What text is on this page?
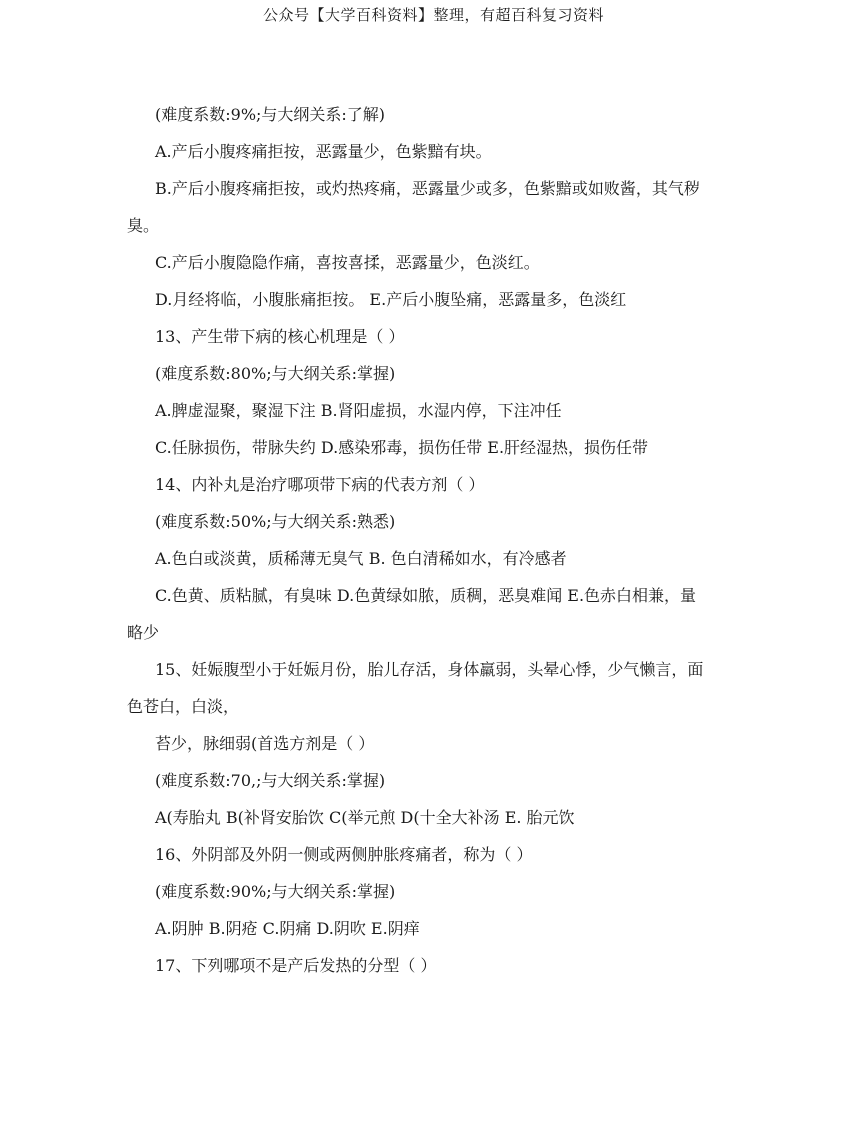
公众号【大学百科资料】整理，有超百科复习资料
(难度系数:9%;与大纲关系:了解)
A.产后小腹疼痛拒按，恶露量少，色紫黯有块。
B.产后小腹疼痛拒按，或灼热疼痛，恶露量少或多，色紫黯或如败酱，其气秽
臭。
C.产后小腹隐隐作痛，喜按喜揉，恶露量少，色淡红。
D.月经将临，小腹胀痛拒按。 E.产后小腹坠痛，恶露量多，色淡红
13、产生带下病的核心机理是（ ）
(难度系数:80%;与大纲关系:掌握)
A.脾虚湿聚，聚湿下注 B.肾阳虚损，水湿内停，下注冲任
C.任脉损伤，带脉失约 D.感染邪毒，损伤任带 E.肝经湿热，损伤任带
14、内补丸是治疗哪项带下病的代表方剂（ ）
(难度系数:50%;与大纲关系:熟悉)
A.色白或淡黄，质稀薄无臭气 B. 色白清稀如水，有冷感者
C.色黄、质粘腻，有臭味 D.色黄绿如脓，质稠，恶臭难闻 E.色赤白相兼，量
略少
15、妊娠腹型小于妊娠月份，胎儿存活，身体羸弱，头晕心悸，少气懒言，面
色苍白，白淡，
苔少，脉细弱(首选方剂是（ ）
(难度系数:70,;与大纲关系:掌握)
A(寿胎丸 B(补肾安胎饮 C(举元煎 D(十全大补汤 E. 胎元饮
16、外阴部及外阴一侧或两侧肿胀疼痛者，称为（ ）
(难度系数:90%;与大纲关系:掌握)
A.阴肿 B.阴疮 C.阴痛 D.阴吹 E.阴痒
17、下列哪项不是产后发热的分型（ ）
